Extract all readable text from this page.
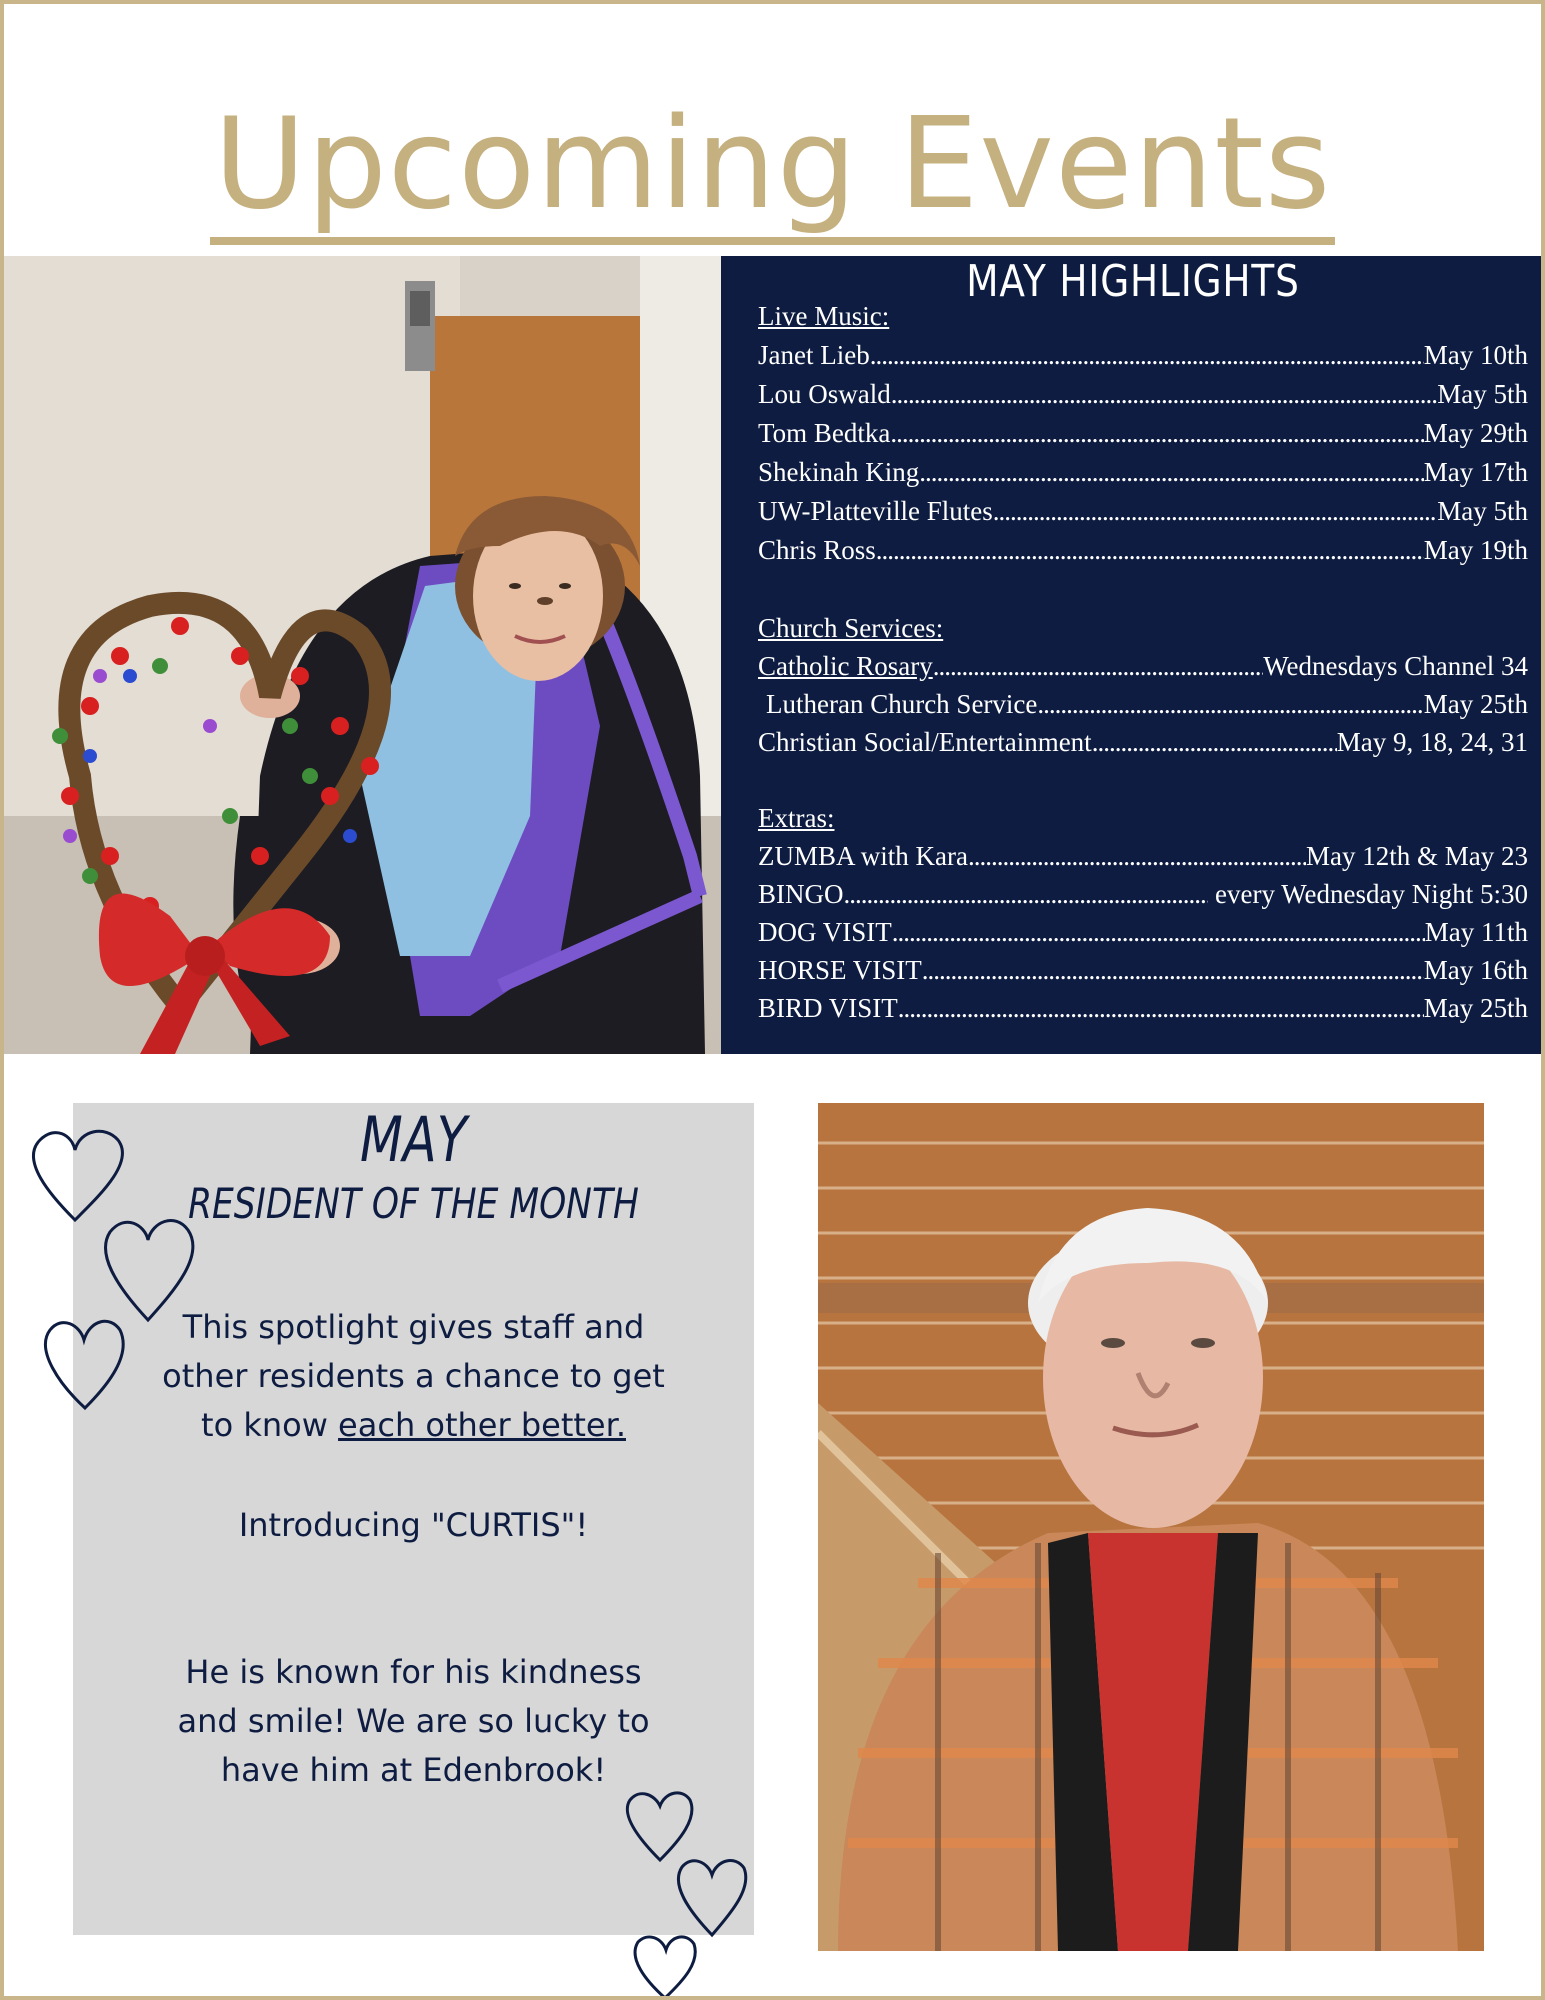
Upcoming Events
MAY HIGHLIGHTS
Live Music:
Janet Lieb .....	May 10th
Lou Oswald .....	May 5th
Tom Bedtka .....	May 29th
Shekinah King .....	May 17th
UW-Platteville Flutes .....	May 5th
Chris Ross .....	May 19th
Church Services:
Catholic Rosary .....	Wednesdays Channel 34
Lutheran Church Service .....	May 25th
Christian Social/Entertainment .....	May 9, 18, 24, 31
Extras:
ZUMBA with Kara .....	May 12th & May 23
BINGO .....	every Wednesday Night 5:30
DOG VISIT .....	May 11th
HORSE VISIT .....	May 16th
BIRD VISIT .....	May 25th
MAY
RESIDENT OF THE MONTH
This spotlight gives staff and
other residents a chance to get
to know each other better.
Introducing "CURTIS"!
He is known for his kindness
and smile! We are so lucky to
have him at Edenbrook!
